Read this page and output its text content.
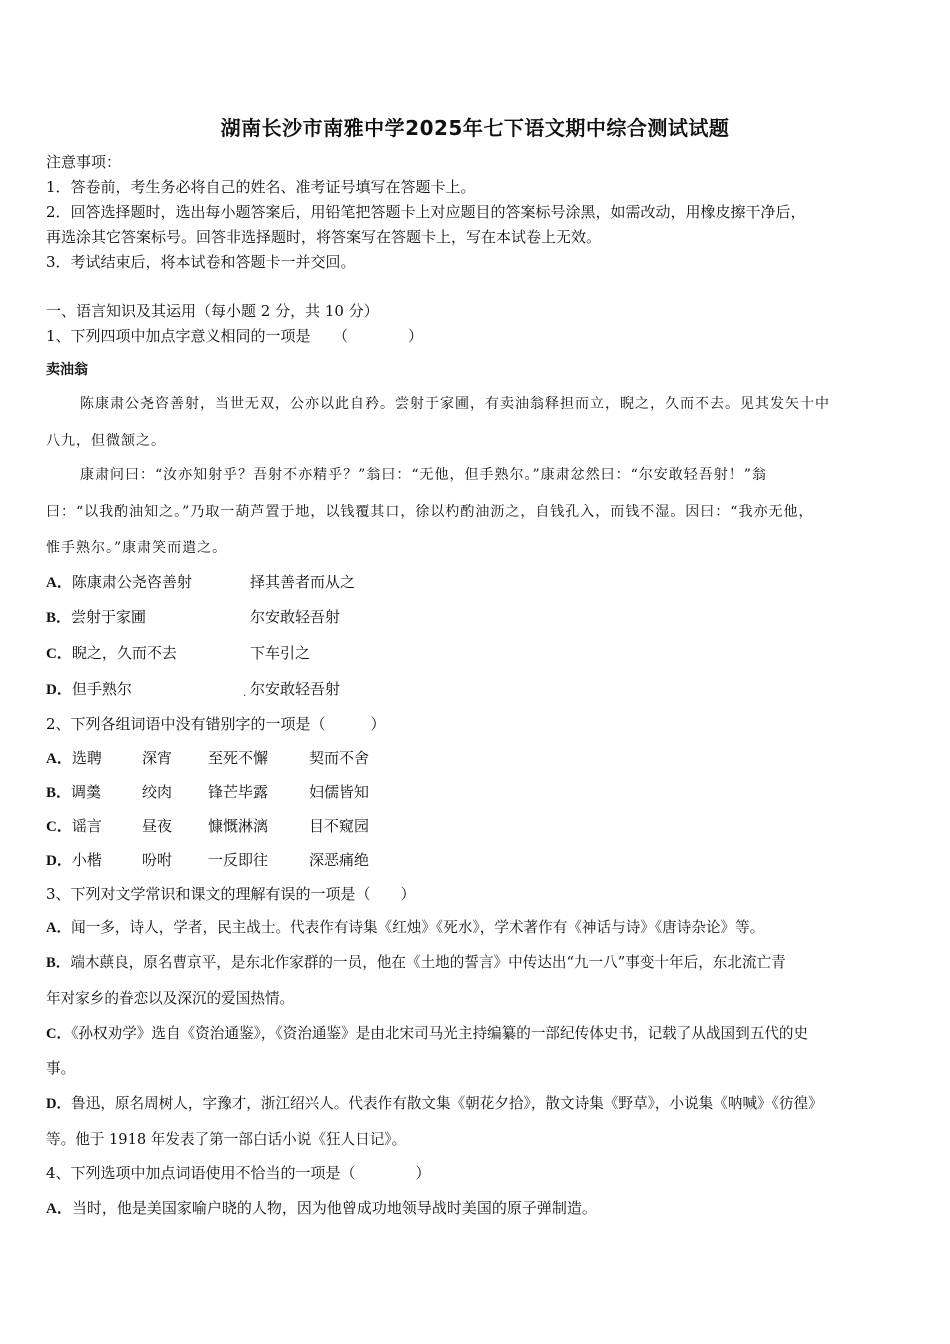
湖南长沙市南雅中学2025年七下语文期中综合测试试题
注意事项：
1．答卷前，考生务必将自己的姓名、准考证号填写在答题卡上。
2．回答选择题时，选出每小题答案后，用铅笔把答题卡上对应题目的答案标号涂黑，如需改动，用橡皮擦干净后，
再选涂其它答案标号。回答非选择题时，将答案写在答题卡上，写在本试卷上无效。
3．考试结束后，将本试卷和答题卡一并交回。
一、语言知识及其运用（每小题 2 分，共 10 分）
1、下列四项中加点字意义相同的一项是　　（　　　　）
卖油翁
陈康肃公尧咨善射，当世无双，公亦以此自矜。尝射于家圃，有卖油翁释担而立，睨之，久而不去。见其发矢十中
八九，但微颔之。
康肃问曰：“汝亦知射乎？吾射不亦精乎？”翁曰：“无他，但手熟尔。”康肃忿然曰：“尔安敢轻吾射！”翁
曰：“以我酌油知之。”乃取一葫芦置于地，以钱覆其口，徐以杓酌油沥之，自钱孔入，而钱不湿。因曰：“我亦无他，
惟手熟尔。”康肃笑而遣之。
A．陈康肃公尧咨善射	择其善者而从之
B．尝射于家圃	尔安敢轻吾射
C．睨之，久而不去	下车引之
D．但手熟尔	尔安敢轻吾射
.
2、下列各组词语中没有错别字的一项是（　　　）
A．选聘	深宵 至死不懈	契而不舍
B．调羹	绞肉 锋芒毕露	妇儒皆知
C．谣言	昼夜 慷慨淋漓	目不窥园
D．小楷	吩咐 一反即往	深恶痛绝
3、下列对文学常识和课文的理解有误的一项是（　　）
A．闻一多，诗人，学者，民主战士。代表作有诗集《红烛》《死水》，学术著作有《神话与诗》《唐诗杂论》等。
B．端木蕻良，原名曹京平，是东北作家群的一员，他在《土地的誓言》中传达出“九一八”事变十年后，东北流亡青
年对家乡的眷恋以及深沉的爱国热情。
C．《孙权劝学》选自《资治通鉴》，《资治通鉴》是由北宋司马光主持编纂的一部纪传体史书，记载了从战国到五代的史
事。
D．鲁迅，原名周树人，字豫才，浙江绍兴人。代表作有散文集《朝花夕拾》，散文诗集《野草》，小说集《呐喊》《彷徨》
等。他于 1918 年发表了第一部白话小说《狂人日记》。
4、下列选项中加点词语使用不恰当的一项是（　　　　）
A．当时，他是美国家喻户晓的人物，因为他曾成功地领导战时美国的原子弹制造。
